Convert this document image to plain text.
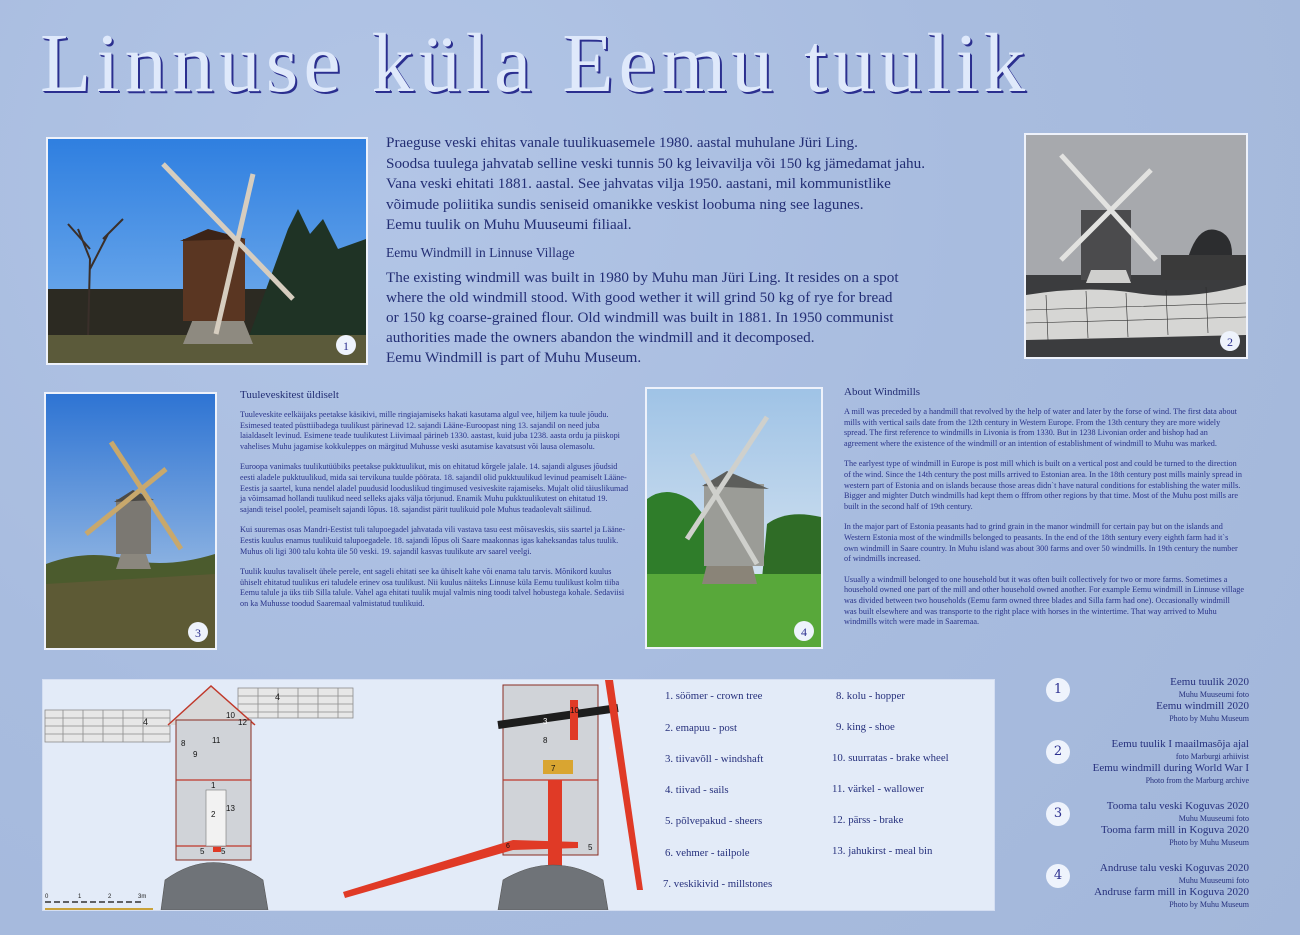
Linnuse küla Eemu tuulik
1

Praeguse veski ehitas vanale tuulikuasemele 1980. aastal muhulane Jüri Ling.

Soodsa tuulega jahvatab selline veski tunnis 50 kg leivavilja või 150 kg jämedamat jahu.

Vana veski ehitati 1881. aastal. See jahvatas vilja 1950. aastani, mil kommunistlike

võimude poliitika sundis seniseid omanikke veskist loobuma ning see lagunes.

Eemu tuulik on Muhu Muuseumi filiaal.

Eemu Windmill in Linnuse Village

The existing windmill was built in 1980 by Muhu man Jüri Ling. It resides on a spot

where the old windmill stood. With good wether it will grind 50 kg of rye for bread

or 150 kg coarse-grained flour. Old windmill was built in 1881. In 1950 communist

authorities made the owners abandon the windmill and it decomposed.

Eemu Windmill is part of Muhu Museum.

2
3
Tuuleveskitest üldiselt

Tuuleveskite eelkäijaks peetakse käsikivi, mille ringiajamiseks hakati kasutama algul vee, hiljem ka tuule jõudu. Esimesed teated püsttiibadega tuulikust pärinevad 12. sajandi Lääne-Euroopast ning 13. sajandil on need juba laialdaselt levinud. Esimene teade tuulikutest Liivimaal pärineb 1330. aastast, kuid juba 1238. aasta ordu ja piiskopi vahelises Muhu jagamise kokkuleppes on märgitud Muhusse veski asutamise kavatsust või lausa olemasolu.

Euroopa vanimaks tuulikutüübiks peetakse pukktuulikut, mis on ehitatud kõrgele jalale. 14. sajandi alguses jõudsid eesti aladele pukktuulikud, mida sai tervikuna tuulde pöörata. 18. sajandil olid pukktuulikud levinud peamiselt Lääne-Eestis ja saartel, kuna nendel aladel puudusid looduslikud tingimused vesiveskite rajamiseks. Mujalt olid täiuslikumad ja võimsamad hollandi tuulikud need selleks ajaks välja tõrjunud. Enamik Muhu pukktuulikutest on ehitatud 19. sajandi teisel poolel, peamiselt sajandi lõpus. 18. sajandist pärit tuulikuid pole Muhus teadaolevalt säilinud.

Kui suuremas osas Mandri-Eestist tuli talupoegadel jahvatada vili vastava tasu eest mõisaveskis, siis saartel ja Lääne-Eestis kuulus enamus tuulikuid talupoegadele. 18. sajandi lõpus oli Saare maakonnas igas kaheksandas talus tuulik. Muhus oli ligi 300 talu kohta üle 50 veski. 19. sajandil kasvas tuulikute arv saarel veelgi.

Tuulik kuulus tavaliselt ühele perele, ent sageli ehitati see ka ühiselt kahe või enama talu tarvis. Mõnikord kuulus ühiselt ehitatud tuulikus eri taludele erinev osa tuulikust. Nii kuulus näiteks Linnuse küla Eemu tuulikust kolm tiiba Eemu talule ja üks tiib Silla talule. Vahel aga ehitati tuulik mujal valmis ning toodi talvel hobustega kohale. Sedaviisi on ka Muhusse toodud Saaremaal valmistatud tuulikuid.

4
About Windmills

A mill was preceded by a handmill that revolved by the help of water and later by the forse of wind. The first data about mills with vertical sails date from the 12th century in Western Europe. From the 13th century they are more widely spread. The first reference to windmills in Livonia is from 1330. But in 1238 Livonian order and bishop had an agreement where the existence of the windmill or an intention of establishment of windmill to Muhu was marked.

The earlyest type of windmill in Europe is post mill which is built on a vertical post and could be turned to the direction of the wind. Since the 14th century the post mills arrived to Estonian area. In the 18th century post mills mainly spread in western part of Estonia and on islands because those areas didn`t have natural conditions for establishing the water mills. Bigger and mighter Dutch windmills had kept them o fffrom other regions by that time. Most of the Muhu post mills are built in the second half of 19th century.

In the major part of Estonia peasants had to grind grain in the manor windmill for certain pay but on the islands and Western Estonia most of the windmills belonged to peasants. In the end of the 18th sentury every eighth farm had it`s own windmill in Saare country. In Muhu island was about 300 farms and over 50 windmills. In 19th century the number of windmills increased.

Usually a windmill belonged to one household but it was often built collectively for two or more farms. Sometimes a household owned one part of the mill and other household owned another. For example Eemu windmill in Linnuse village was divided between two households (Eemu farm owned three blades and Silla farm had one). Occasionally windmill was built elsewhere and was transporte to the right place with horses in the wintertime. That way arrived to Muhu windmills witch were made in Saaremaa.

4
4
10
12
11
8
9
1
2
13
5 5
0	1	2	3m
3
10
8
7
4
6	5
1. söömer - crown tree
2. emapuu - post
3. tiivavõll - windshaft
4. tiivad - sails
5. põlvepakud - sheers
6. vehmer - tailpole
7. veskikivid - millstones
8. kolu - hopper
9. king - shoe
10. suurratas - brake wheel
11. värkel - wallower
12. pärss - brake
13. jahukirst - meal bin
1	Eemu tuulik 2020
Muhu Muuseumi foto
Eemu windmill 2020
Photo by Muhu Museum
2	Eemu tuulik I maailmasõja ajal
foto Marburgi arhiivist
Eemu windmill during World War I
Photo from the Marburg archive
3	Tooma talu veski Koguvas 2020
Muhu Muuseumi foto
Tooma farm mill in Koguva 2020
Photo by Muhu Museum
4	Andruse talu veski Koguvas 2020
Muhu Muuseumi foto
Andruse farm mill in Koguva 2020
Photo by Muhu Museum
